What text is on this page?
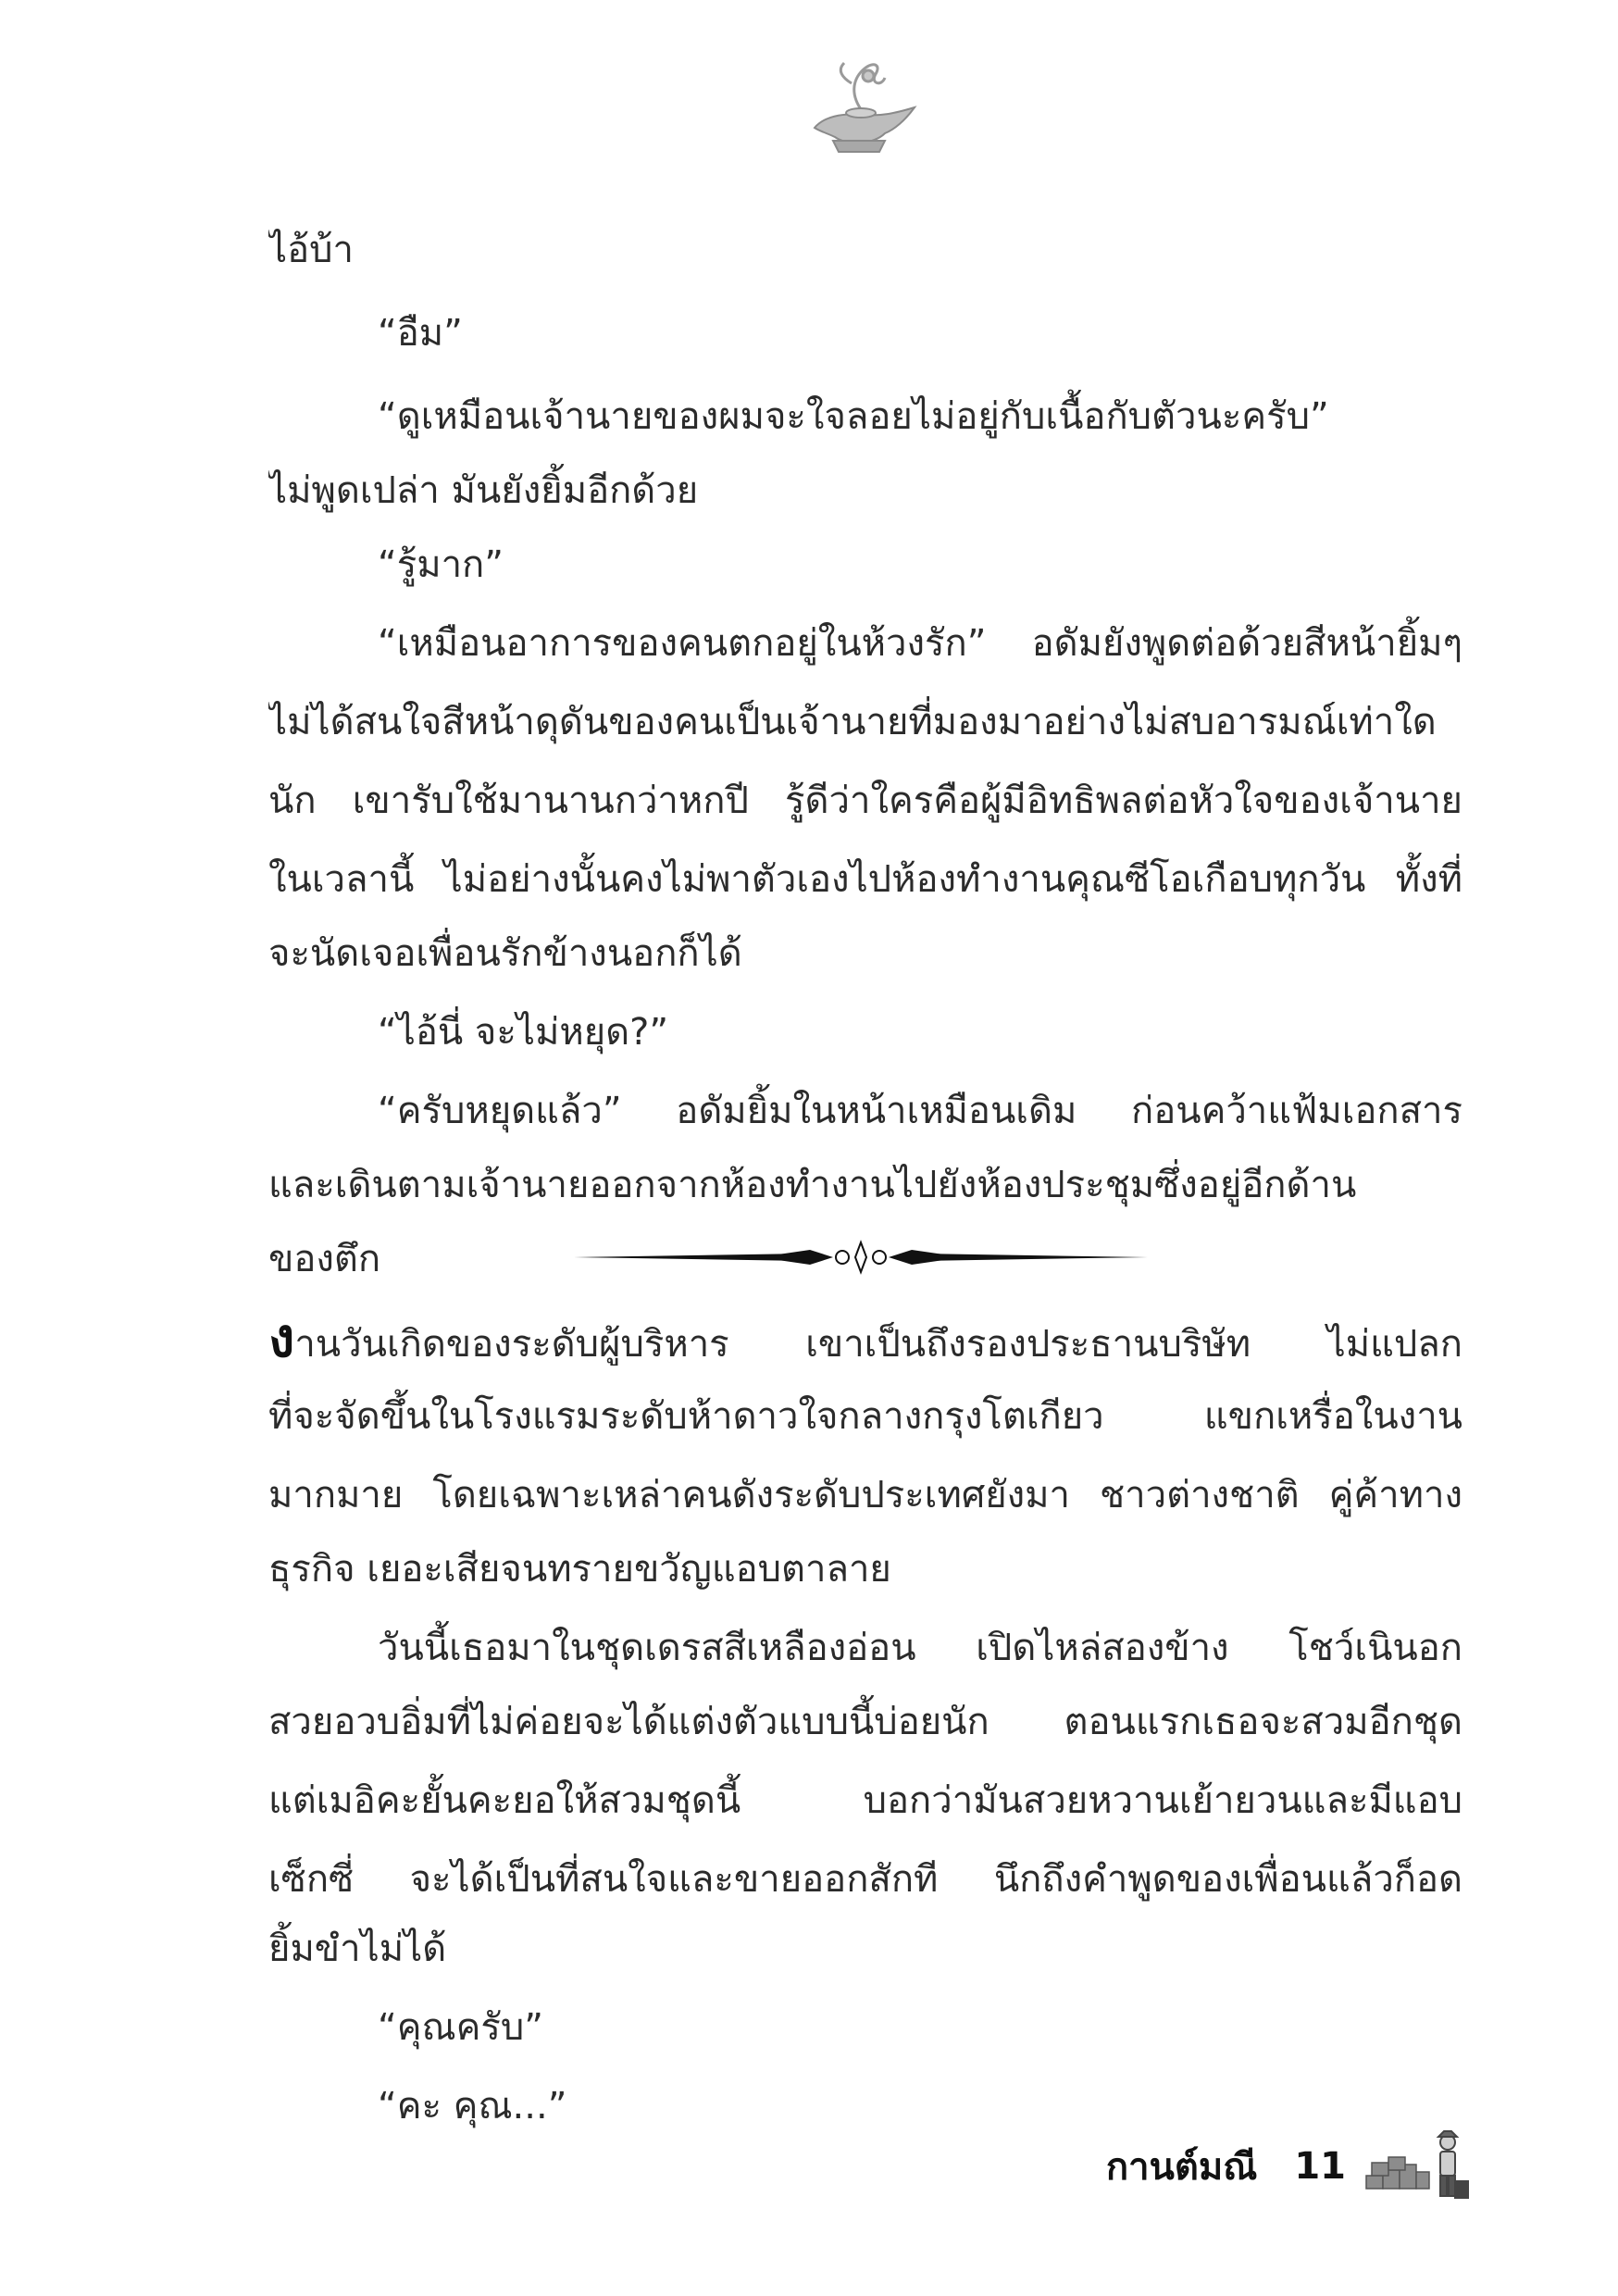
ไอ้บ้า
“อืม”
“ดูเหมือนเจ้านายของผมจะใจลอยไม่อยู่กับเนื้อกับตัวนะครับ”
ไม่พูดเปล่า มันยังยิ้มอีกด้วย
“รู้มาก”
“เหมือนอาการของคนตกอยู่ในห้วงรัก” อดัมยังพูดต่อด้วยสีหน้ายิ้มๆ
ไม่ได้สนใจสีหน้าดุดันของคนเป็นเจ้านายที่มองมาอย่างไม่สบอารมณ์เท่าใด
นัก เขารับใช้มานานกว่าหกปี รู้ดีว่าใครคือผู้มีอิทธิพลต่อหัวใจของเจ้านาย
ในเวลานี้ ไม่อย่างนั้นคงไม่พาตัวเองไปห้องทำงานคุณซีโอเกือบทุกวัน ทั้งที่
จะนัดเจอเพื่อนรักข้างนอกก็ได้
“ไอ้นี่ จะไม่หยุด?”
“ครับหยุดแล้ว” อดัมยิ้มในหน้าเหมือนเดิม ก่อนคว้าแฟ้มเอกสาร
และเดินตามเจ้านายออกจากห้องทำงานไปยังห้องประชุมซึ่งอยู่อีกด้าน
ของตึก
งานวันเกิดของระดับผู้บริหาร เขาเป็นถึงรองประธานบริษัท ไม่แปลก
ที่จะจัดขึ้นในโรงแรมระดับห้าดาวใจกลางกรุงโตเกียว แขกเหรื่อในงาน
มากมาย โดยเฉพาะเหล่าคนดังระดับประเทศยังมา ชาวต่างชาติ คู่ค้าทาง
ธุรกิจ เยอะเสียจนทรายขวัญแอบตาลาย
วันนี้เธอมาในชุดเดรสสีเหลืองอ่อน เปิดไหล่สองข้าง โชว์เนินอก
สวยอวบอิ่มที่ไม่ค่อยจะได้แต่งตัวแบบนี้บ่อยนัก ตอนแรกเธอจะสวมอีกชุด
แต่เมอิคะยั้นคะยอให้สวมชุดนี้ บอกว่ามันสวยหวานเย้ายวนและมีแอบ
เซ็กซี่ จะได้เป็นที่สนใจและขายออกสักที นึกถึงคำพูดของเพื่อนแล้วก็อด
ยิ้มขำไม่ได้
“คุณครับ”
“คะ คุณ...”
กานต์มณี 11
